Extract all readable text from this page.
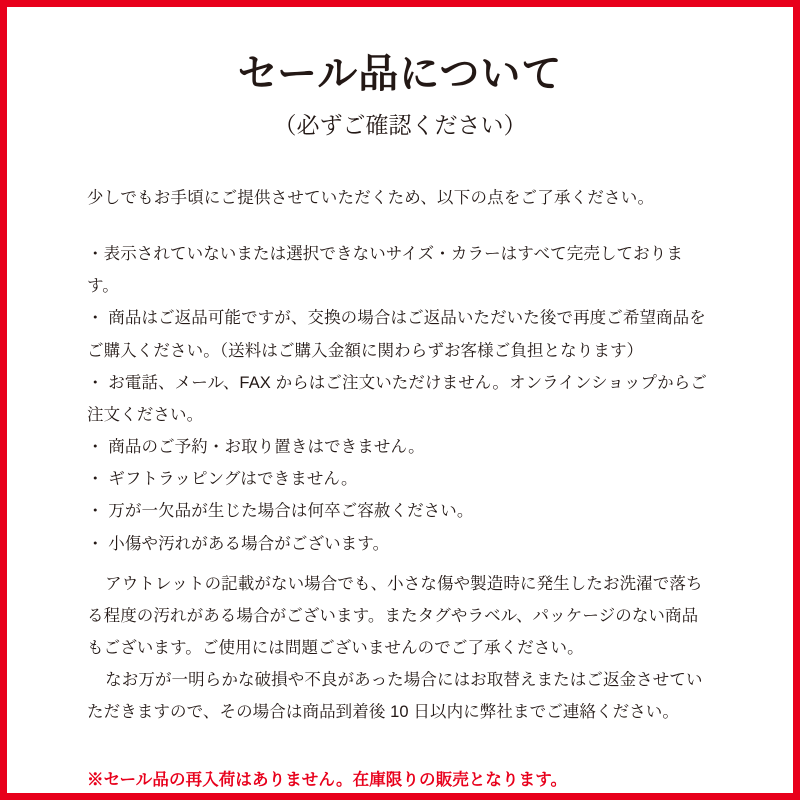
セール品について
（必ずご確認ください）

少しでもお手頃にご提供させていただくため、以下の点をご了承ください。

・表示されていないまたは選択できないサイズ・カラーはすべて完売しております。
・ 商品はご返品可能ですが、交換の場合はご返品いただいた後で再度ご希望商品をご購入ください。（送料はご購入金額に関わらずお客様ご負担となります）
・ お電話、メール、FAX からはご注文いただけません。オンラインショップからご注文ください。
・ 商品のご予約・お取り置きはできません。
・ ギフトラッピングはできません。
・ 万が一欠品が生じた場合は何卒ご容赦ください。
・ 小傷や汚れがある場合がございます。

アウトレットの記載がない場合でも、小さな傷や製造時に発生したお洗濯で落ちる程度の汚れがある場合がございます。またタグやラベル、パッケージのない商品もございます。ご使用には問題ございませんのでご了承ください。

なお万が一明らかな破損や不良があった場合にはお取替えまたはご返金させていただきますので、その場合は商品到着後 10 日以内に弊社までご連絡ください。

※セール品の再入荷はありません。在庫限りの販売となります。
